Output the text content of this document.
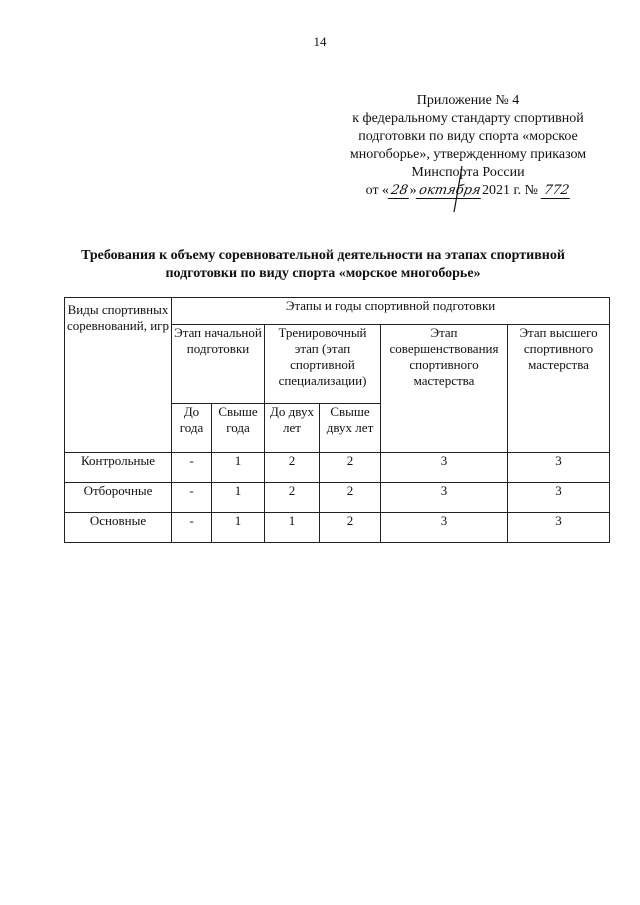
14
Приложение № 4
к федеральному стандарту спортивной
подготовки по виду спорта «морское
многоборье», утвержденному приказом
Минспорта России
от «28»октября2021 г. № 772
Требования к объему соревновательной деятельности на этапах спортивной
подготовки по виду спорта «морское многоборье»
Виды спортивных соревнований, игр	Этапы и годы спортивной подготовки					
	Этап начальной подготовки		Тренировочный этап (этап спортивной специализации)		Этап совершенствования спортивного мастерства	Этап высшего спортивного мастерства
	До года	Свыше года	До двух лет	Свыше двух лет		
Контрольные	-	1	2	2	3	3
Отборочные	-	1	2	2	3	3
Основные	-	1	1	2	3	3
